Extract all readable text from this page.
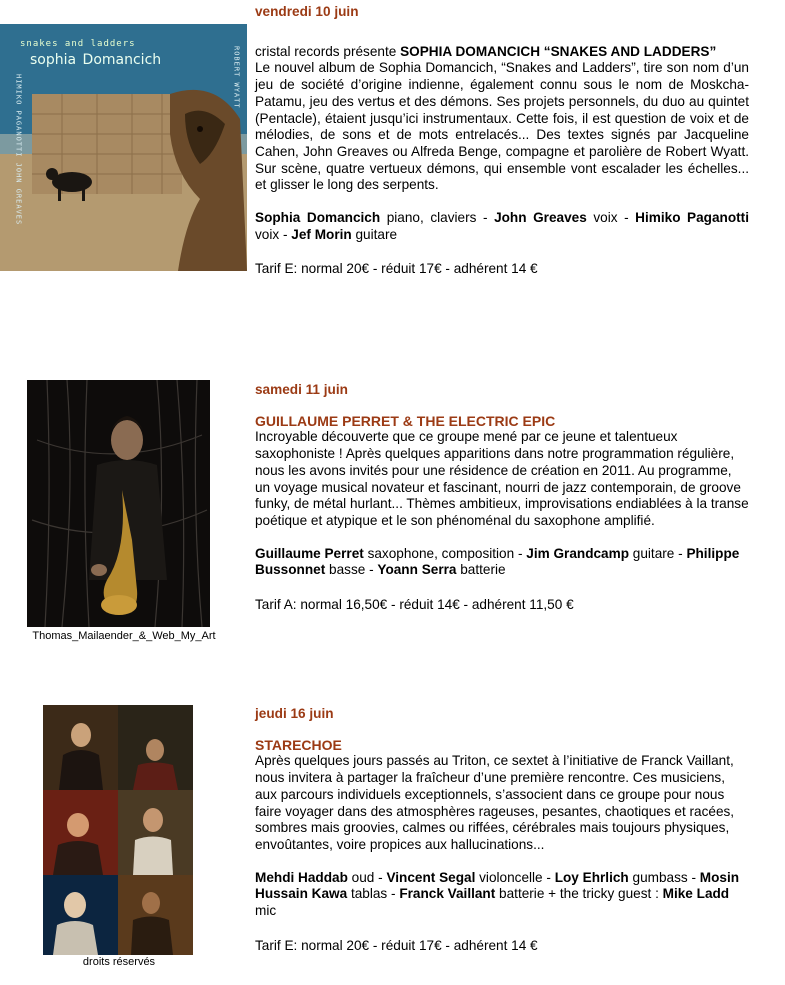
snakes and ladders
sophia Domancich
HIMIKO PAGANOTTI JOHN GREAVES	ROBERT WYATT
vendredi 10 juin
cristal records présente SOPHIA DOMANCICH “SNAKES AND LADDERS”

Le nouvel album de Sophia Domancich, “Snakes and Ladders”, tire son nom d’un jeu de société d’origine indienne, également connu sous le nom de Moskcha- Patamu, jeu des vertus et des démons. Ses projets personnels, du duo au quintet (Pentacle), étaient jusqu’ici instrumentaux. Cette fois, il est question de voix et de mélodies, de sons et de mots entrelacés... Des textes signés par Jacqueline Cahen, John Greaves ou Alfreda Benge, compagne et parolière de Robert Wyatt. Sur scène, quatre vertueux démons, qui ensemble vont escalader les échelles... et glisser le long des serpents.

Sophia Domancich piano, claviers - John Greaves voix - Himiko Paganotti voix - Jef Morin guitare

Tarif E: normal 20€ - réduit 17€ - adhérent 14 €

Thomas_Mailaender_&_Web_My_Art
samedi 11 juin
GUILLAUME PERRET & THE ELECTRIC EPIC

Incroyable découverte que ce groupe mené par ce jeune et talentueux saxophoniste ! Après quelques apparitions dans notre programmation régulière, nous les avons invités pour une résidence de création en 2011. Au programme, un voyage musical novateur et fascinant, nourri de jazz contemporain, de groove funky, de métal hurlant... Thèmes ambitieux, improvisations endiablées à la transe poétique et atypique et le son phénoménal du saxophone amplifié.

Guillaume Perret saxophone, composition - Jim Grandcamp guitare - Philippe Bussonnet basse - Yoann Serra batterie

Tarif A: normal 16,50€ - réduit 14€ - adhérent 11,50 €

droits réservés
jeudi 16 juin
STARECHOE

Après quelques jours passés au Triton, ce sextet à l’initiative de Franck Vaillant, nous invitera à partager la fraîcheur d’une première rencontre. Ces musiciens, aux parcours individuels exceptionnels, s’associent dans ce groupe pour nous faire voyager dans des atmosphères rageuses, pesantes, chaotiques et racées, sombres mais groovies, calmes ou riffées, cérébrales mais toujours physiques, envoûtantes, voire propices aux hallucinations...

Mehdi Haddab oud - Vincent Segal violoncelle - Loy Ehrlich gumbass - Mosin Hussain Kawa tablas - Franck Vaillant batterie + the tricky guest : Mike Ladd mic

Tarif E: normal 20€ - réduit 17€ - adhérent 14 €
